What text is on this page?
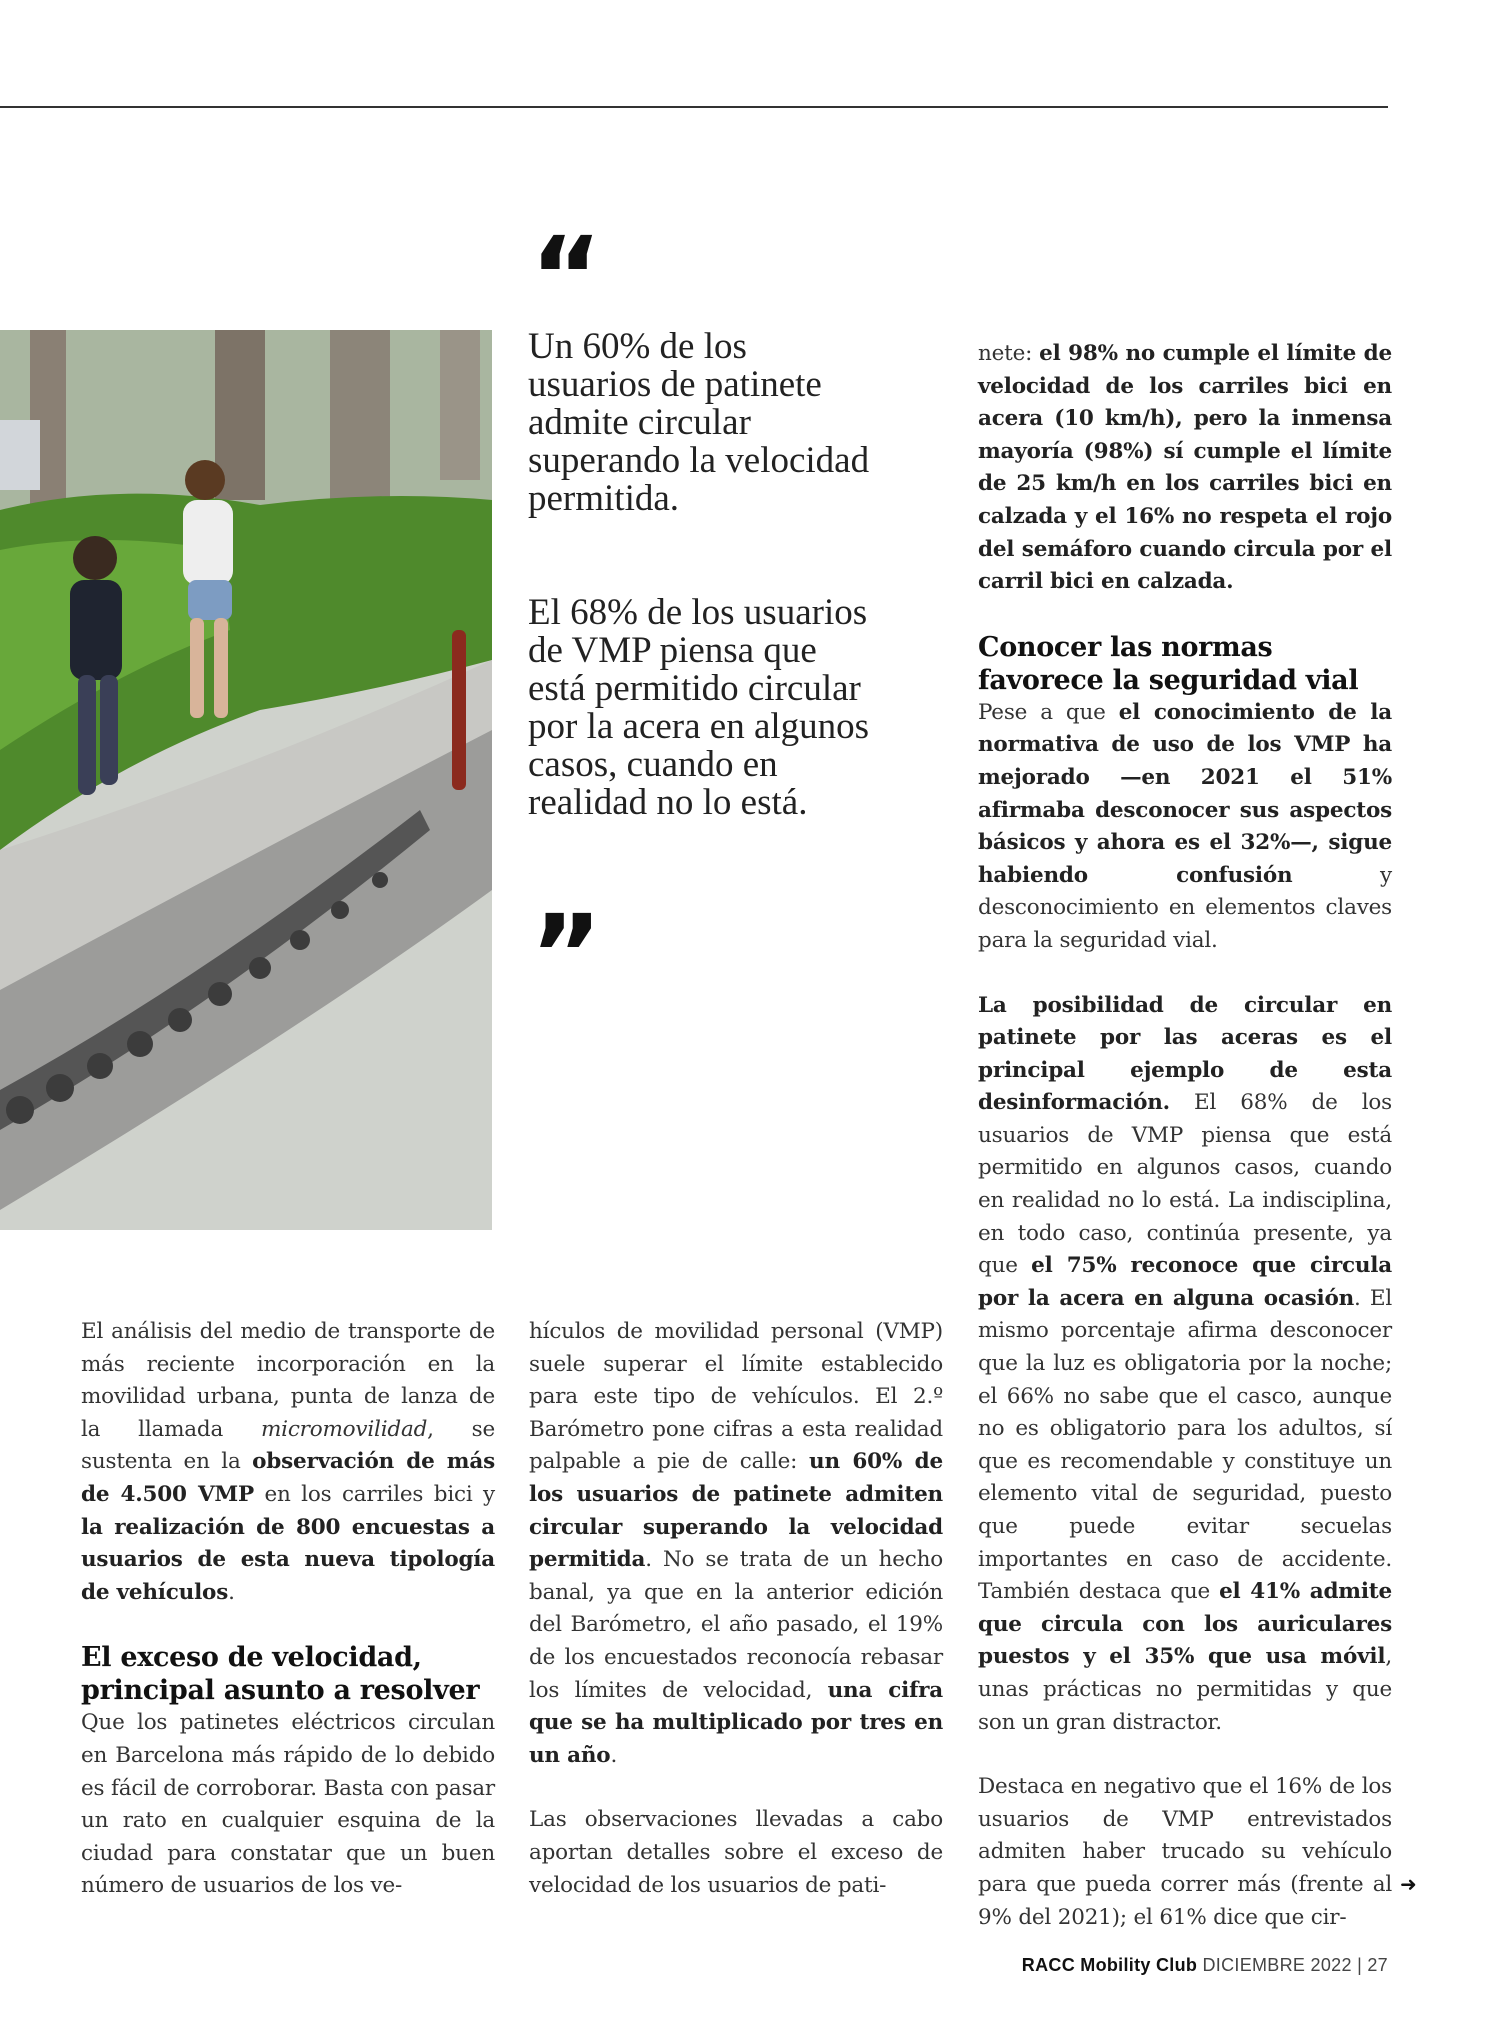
“
Un 60% de los usuarios de patinete admite circular superando la velocidad permitida.
El 68% de los usuarios de VMP piensa que está permitido circular por la acera en algunos casos, cuando en realidad no lo está.
”

El análisis del medio de transporte de más reciente incorporación en la movilidad urbana, punta de lanza de la llamada micromovilidad, se sustenta en la observación de más de 4.500 VMP en los carriles bici y la realización de 800 encuestas a usuarios de esta nueva tipología de vehículos.

El exceso de velocidad, principal asunto a resolver

Que los patinetes eléctricos circulan en Barcelona más rápido de lo debido es fácil de corroborar. Basta con pasar un rato en cualquier esquina de la ciudad para constatar que un buen número de usuarios de los ve-

hículos de movilidad personal (VMP) suele superar el límite establecido para este tipo de vehículos. El 2.º Barómetro pone cifras a esta realidad palpable a pie de calle: un 60% de los usuarios de patinete admiten circular superando la velocidad permitida. No se trata de un hecho banal, ya que en la anterior edición del Barómetro, el año pasado, el 19% de los encuestados reconocía rebasar los límites de velocidad, una cifra que se ha multiplicado por tres en un año.

Las observaciones llevadas a cabo aportan detalles sobre el exceso de velocidad de los usuarios de pati-

nete: el 98% no cumple el límite de velocidad de los carriles bici en acera (10 km/h), pero la inmensa mayoría (98%) sí cumple el límite de 25 km/h en los carriles bici en calzada y el 16% no respeta el rojo del semáforo cuando circula por el carril bici en calzada.

Conocer las normas favorece la seguridad vial

Pese a que el conocimiento de la normativa de uso de los VMP ha mejorado —en 2021 el 51% afirmaba desconocer sus aspectos básicos y ahora es el 32%—, sigue habiendo confusión y desconocimiento en elementos claves para la seguridad vial.

La posibilidad de circular en patinete por las aceras es el principal ejemplo de esta desinformación. El 68% de los usuarios de VMP piensa que está permitido en algunos casos, cuando en realidad no lo está. La indisciplina, en todo caso, continúa presente, ya que el 75% reconoce que circula por la acera en alguna ocasión. El mismo porcentaje afirma desconocer que la luz es obligatoria por la noche; el 66% no sabe que el casco, aunque no es obligatorio para los adultos, sí que es recomendable y constituye un elemento vital de seguridad, puesto que puede evitar secuelas importantes en caso de accidente. También destaca que el 41% admite que circula con los auriculares puestos y el 35% que usa móvil, unas prácticas no permitidas y que son un gran distractor.

Destaca en negativo que el 16% de los usuarios de VMP entrevistados admiten haber trucado su vehículo para que pueda correr más (frente al 9% del 2021); el 61% dice que cir-

➜
RACC Mobility Club DICIEMBRE 2022 | 27
